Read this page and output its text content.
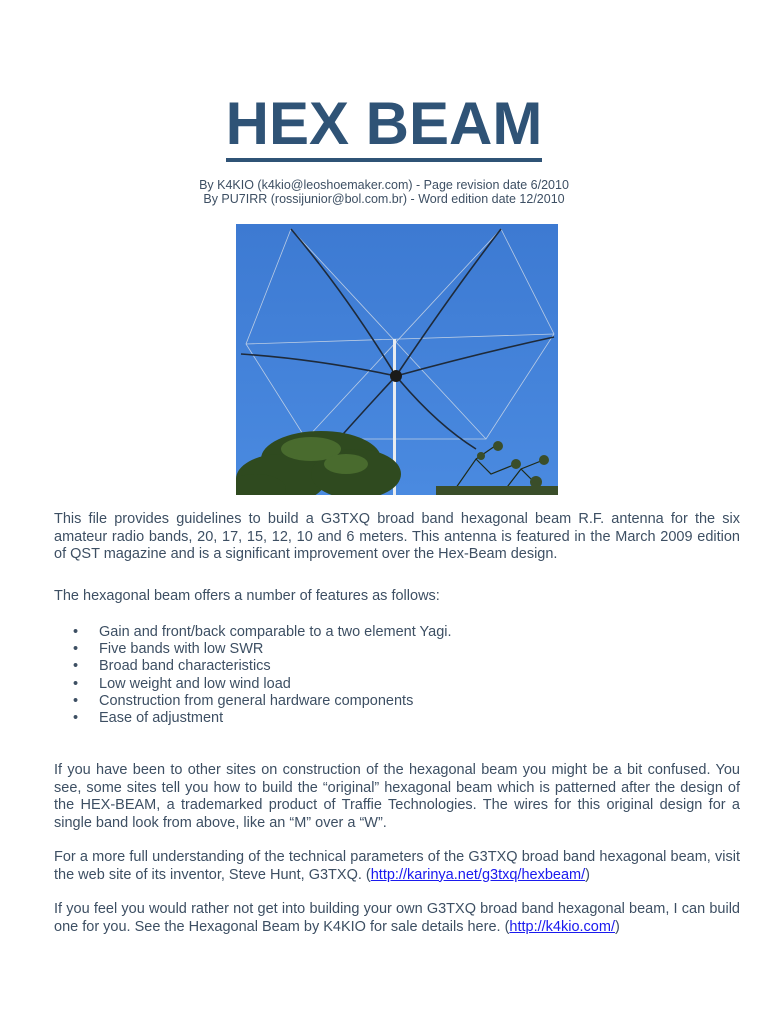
HEX BEAM
By K4KIO (k4kio@leoshoemaker.com) - Page revision date 6/2010
By PU7IRR (rossijunior@bol.com.br) - Word edition date 12/2010

This file provides guidelines to build a G3TXQ broad band hexagonal beam R.F. antenna for the six amateur radio bands, 20, 17, 15, 12, 10 and 6 meters. This antenna is featured in the March 2009 edition of QST magazine and is a significant improvement over the Hex-Beam design.

The hexagonal beam offers a number of features as follows:

• Gain and front/back comparable to a two element Yagi.
• Five bands with low SWR
• Broad band characteristics
• Low weight and low wind load
• Construction from general hardware components
• Ease of adjustment

If you have been to other sites on construction of the hexagonal beam you might be a bit confused. You see, some sites tell you how to build the “original” hexagonal beam which is patterned after the design of the HEX-BEAM, a trademarked product of Traffie Technologies. The wires for this original design for a single band look from above, like an “M” over a “W”.

For a more full understanding of the technical parameters of the G3TXQ broad band hexagonal beam, visit the web site of its inventor, Steve Hunt, G3TXQ. (http://karinya.net/g3txq/hexbeam/)

If you feel you would rather not get into building your own G3TXQ broad band hexagonal beam, I can build one for you. See the Hexagonal Beam by K4KIO for sale details here. (http://k4kio.com/)
